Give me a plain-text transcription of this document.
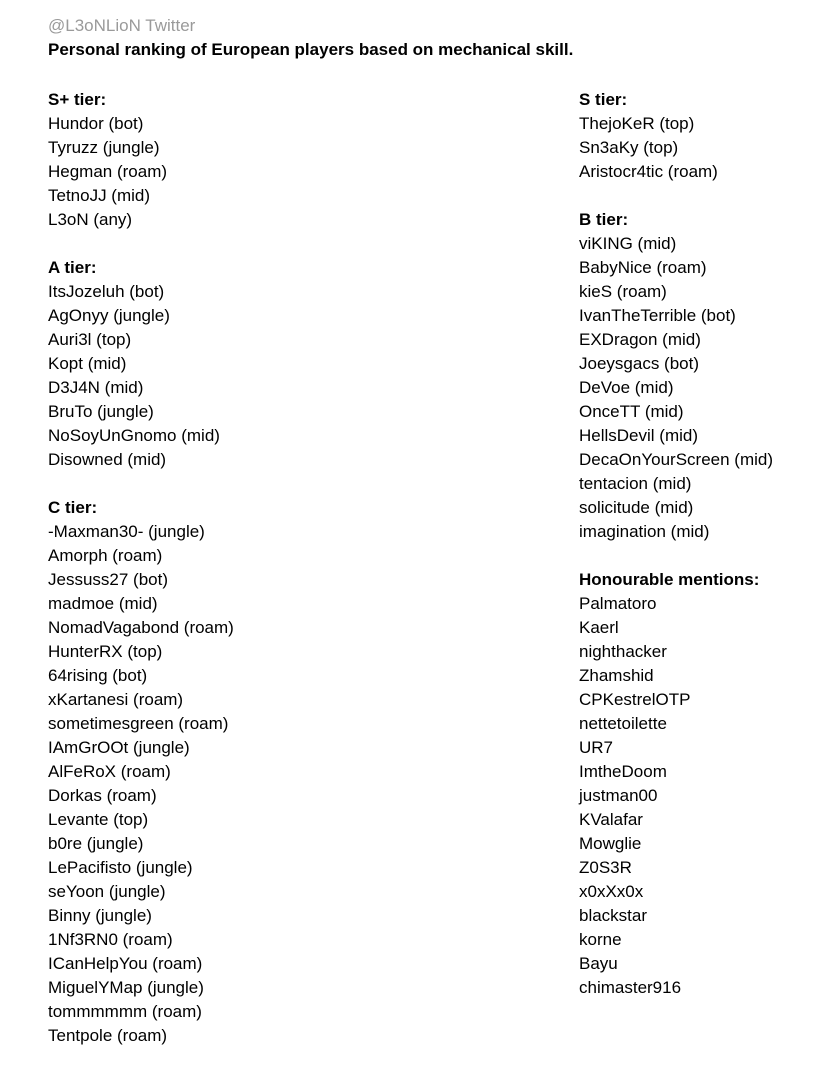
@L3oNLioN Twitter
Personal ranking of European players based on mechanical skill.
S+ tier:
Hundor (bot)
Tyruzz (jungle)
Hegman (roam)
TetnoJJ (mid)
L3oN (any)
A tier:
ItsJozeluh (bot)
AgOnyy (jungle)
Auri3l (top)
Kopt (mid)
D3J4N (mid)
BruTo (jungle)
NoSoyUnGnomo (mid)
Disowned (mid)
C tier:
-Maxman30- (jungle)
Amorph (roam)
Jessuss27 (bot)
madmoe (mid)
NomadVagabond (roam)
HunterRX (top)
64rising (bot)
xKartanesi (roam)
sometimesgreen (roam)
IAmGrOOt (jungle)
AlFeRoX (roam)
Dorkas (roam)
Levante (top)
b0re (jungle)
LePacifisto (jungle)
seYoon (jungle)
Binny (jungle)
1Nf3RN0 (roam)
ICanHelpYou (roam)
MiguelYMap (jungle)
tommmmmm (roam)
Tentpole (roam)
S tier:
ThejoKeR (top)
Sn3aKy (top)
Aristocr4tic (roam)
B tier:
viKING (mid)
BabyNice (roam)
kieS (roam)
IvanTheTerrible (bot)
EXDragon (mid)
Joeysgacs (bot)
DeVoe (mid)
OnceTT (mid)
HellsDevil (mid)
DecaOnYourScreen (mid)
tentacion (mid)
solicitude (mid)
imagination (mid)
Honourable mentions:
Palmatoro
Kaerl
nighthacker
Zhamshid
CPKestrelOTP
nettetoilette
UR7
ImtheDoom
justman00
KValafar
Mowglie
Z0S3R
x0xXx0x
blackstar
korne
Bayu
chimaster916
